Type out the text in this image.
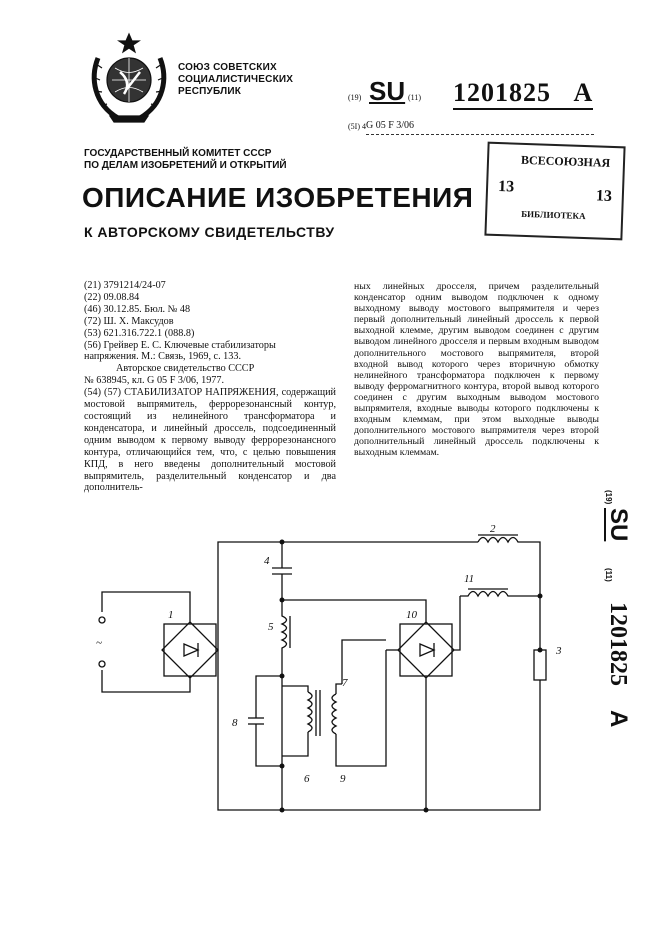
СОЮЗ СОВЕТСКИХ
СОЦИАЛИСТИЧЕСКИХ
РЕСПУБЛИК
(19) SU (11) 1201825 A
(5I) 4 G 05 F 3/06
ГОСУДАРСТВЕННЫЙ КОМИТЕТ СССР
ПО ДЕЛАМ ИЗОБРЕТЕНИЙ И ОТКРЫТИЙ
ОПИСАНИЕ ИЗОБРЕТЕНИЯ
К АВТОРСКОМУ СВИДЕТЕЛЬСТВУ
ВСЕСОЮЗНАЯ
13
13
БИБЛИОТЕКА
(21) 3791214/24-07
(22) 09.08.84
(46) 30.12.85. Бюл. № 48
(72) Ш. Х. Максудов
(53) 621.316.722.1 (088.8)
(56) Грейвер Е. С. Ключевые стабилизаторы
напряжения. М.: Связь, 1969, с. 133.
Авторское свидетельство СССР
№ 638945, кл. G 05 F 3/06, 1977.

(54) (57) СТАБИЛИЗАТОР НАПРЯЖЕНИЯ, содержащий мостовой выпрямитель, феррорезонансный контур, состоящий из нелинейного трансформатора и конденсатора, и линейный дроссель, подсоединенный одним выводом к первому выводу феррорезонансного контура, отличающийся тем, что, с целью повышения КПД, в него введены дополнительный мостовой выпрямитель, разделительный конденсатор и два дополнитель-

ных линейных дросселя, причем разделительный конденсатор одним выводом подключен к одному выходному выводу мостового выпрямителя и через первый дополнительный линейный дроссель к первой выходной клемме, другим выводом соединен с другим выводом линейного дросселя и первым входным выводом дополнительного мостового выпрямителя, второй входной вывод которого через вторичную обмотку нелинейного трансформатора подключен к первому выводу ферромагнитного контура, второй вывод которого соединен с другим выходным выводом мостового выпрямителя, входные выводы которого подключены к входным клеммам, при этом выходные выводы дополнительного мостового выпрямителя через второй дополнительный линейный дроссель подключены к выходным клеммам.
(19)
SU
(11)
1201825
A
~
1
2
3
4
5
6
7
8
9
10
11
